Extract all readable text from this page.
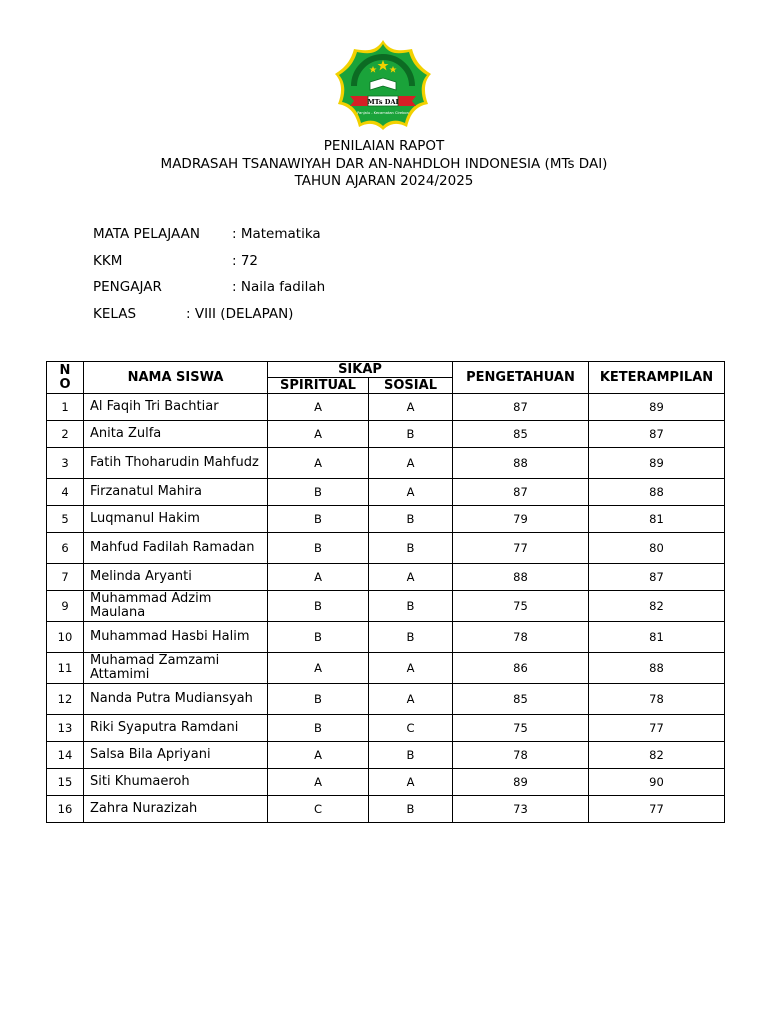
MTs DAI
Panjalu - Kecamatan Cirebon
PENILAIAN RAPOT
MADRASAH TSANAWIYAH DAR AN-NAHDLOH INDONESIA (MTs DAI)
TAHUN AJARAN 2024/2025
MATA PELAJAAN : Matematika
KKM	: 72
PENGAJAR	: Naila fadilah
KELAS	: VIII (DELAPAN)
NO	NAMA SISWA	SIKAP		PENGETAHUAN	KETERAMPILAN

		SPIRITUAL	SOSIAL		
1	Al Faqih Tri Bachtiar	A	A	87	89
2	Anita Zulfa	A	B	85	87
3	Fatih Thoharudin Mahfudz	A	A	88	89
4	Firzanatul Mahira	B	A	87	88
5	Luqmanul Hakim	B	B	79	81
6	Mahfud Fadilah Ramadan	B	B	77	80
7	Melinda Aryanti	A	A	88	87
9	Muhammad Adzim Maulana	B	B	75	82
10	Muhammad Hasbi Halim	B	B	78	81
11	Muhamad Zamzami Attamimi	A	A	86	88
12	Nanda Putra Mudiansyah	B	A	85	78
13	Riki Syaputra Ramdani	B	C	75	77
14	Salsa Bila Apriyani	A	B	78	82
15	Siti Khumaeroh	A	A	89	90
16	Zahra Nurazizah	C	B	73	77
